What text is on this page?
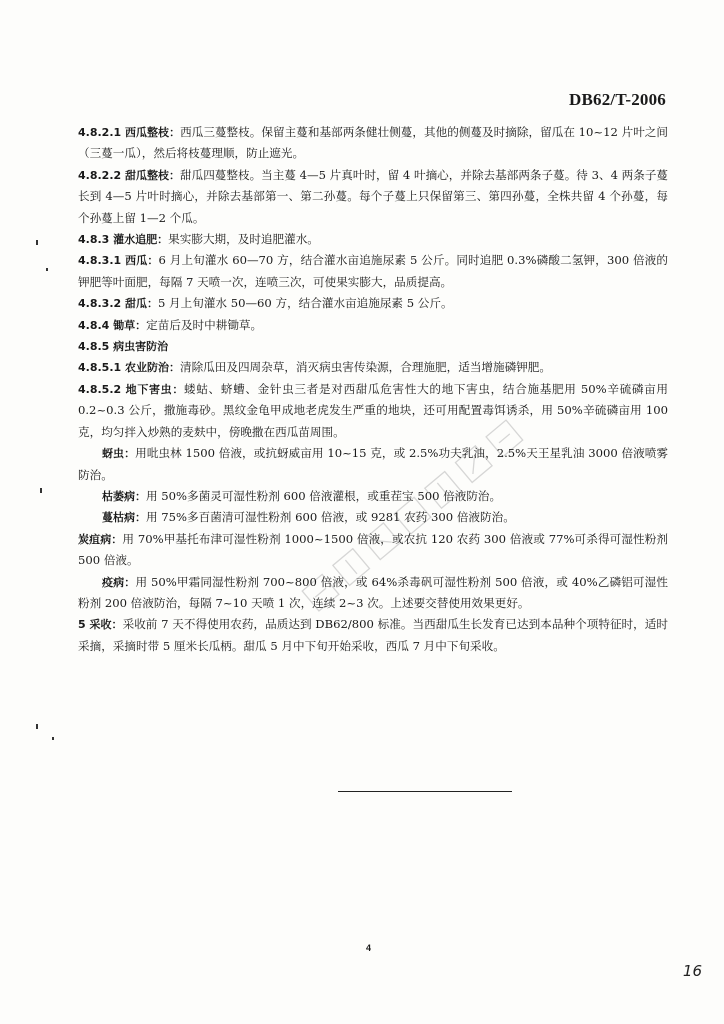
DB62/T-2006

4.8.2.1 西瓜整枝：西瓜三蔓整枝。保留主蔓和基部两条健壮侧蔓，其他的侧蔓及时摘除，留瓜在 10~12 片叶之间（三蔓一瓜），然后将枝蔓理顺，防止遮光。

4.8.2.2 甜瓜整枝：甜瓜四蔓整枝。当主蔓 4—5 片真叶时，留 4 叶摘心，并除去基部两条子蔓。待 3、4 两条子蔓长到 4—5 片叶时摘心，并除去基部第一、第二孙蔓。每个子蔓上只保留第三、第四孙蔓，全株共留 4 个孙蔓，每个孙蔓上留 1—2 个瓜。

4.8.3 灌水追肥：果实膨大期，及时追肥灌水。

4.8.3.1 西瓜：6 月上旬灌水 60—70 方，结合灌水亩追施尿素 5 公斤。同时追肥 0.3%磷酸二氢钾，300 倍液的钾肥等叶面肥，每隔 7 天喷一次，连喷三次，可使果实膨大，品质提高。

4.8.3.2 甜瓜：5 月上旬灌水 50—60 方，结合灌水亩追施尿素 5 公斤。

4.8.4 锄草：定苗后及时中耕锄草。

4.8.5 病虫害防治

4.8.5.1 农业防治：清除瓜田及四周杂草，消灭病虫害传染源，合理施肥，适当增施磷钾肥。

4.8.5.2 地下害虫：蝼蛄、蛴螬、金针虫三者是对西甜瓜危害性大的地下害虫，结合施基肥用 50%辛硫磷亩用 0.2~0.3 公斤，撒施毒砂。黑纹金龟甲成地老虎发生严重的地块，还可用配置毒饵诱杀，用 50%辛硫磷亩用 100 克，均匀拌入炒熟的麦麸中，傍晚撒在西瓜苗周围。

蚜虫：用吡虫林 1500 倍液，或抗蚜威亩用 10~15 克，或 2.5%功夫乳油，2.5%天王星乳油 3000 倍液喷雾防治。

枯萎病：用 50%多菌灵可湿性粉剂 600 倍液灌根，或重茬宝 500 倍液防治。

蔓枯病：用 75%多百菌清可湿性粉剂 600 倍液，或 9281 农药 300 倍液防治。

炭疽病：用 70%甲基托布津可湿性粉剂 1000~1500 倍液，或农抗 120 农药 300 倍液或 77%可杀得可湿性粉剂 500 倍液。

疫病：用 50%甲霜同湿性粉剂 700~800 倍液，或 64%杀毒矾可湿性粉剂 500 倍液，或 40%乙磷铝可湿性粉剂 200 倍液防治，每隔 7~10 天喷 1 次，连续 2~3 次。上述要交替使用效果更好。

5 采收：采收前 7 天不得使用农药，品质达到 DB62/800 标准。当西甜瓜生长发育已达到本品种个项特征时，适时采摘，采摘时带 5 厘米长瓜柄。甜瓜 5 月中下旬开始采收，西瓜 7 月中下旬采收。

4
16
